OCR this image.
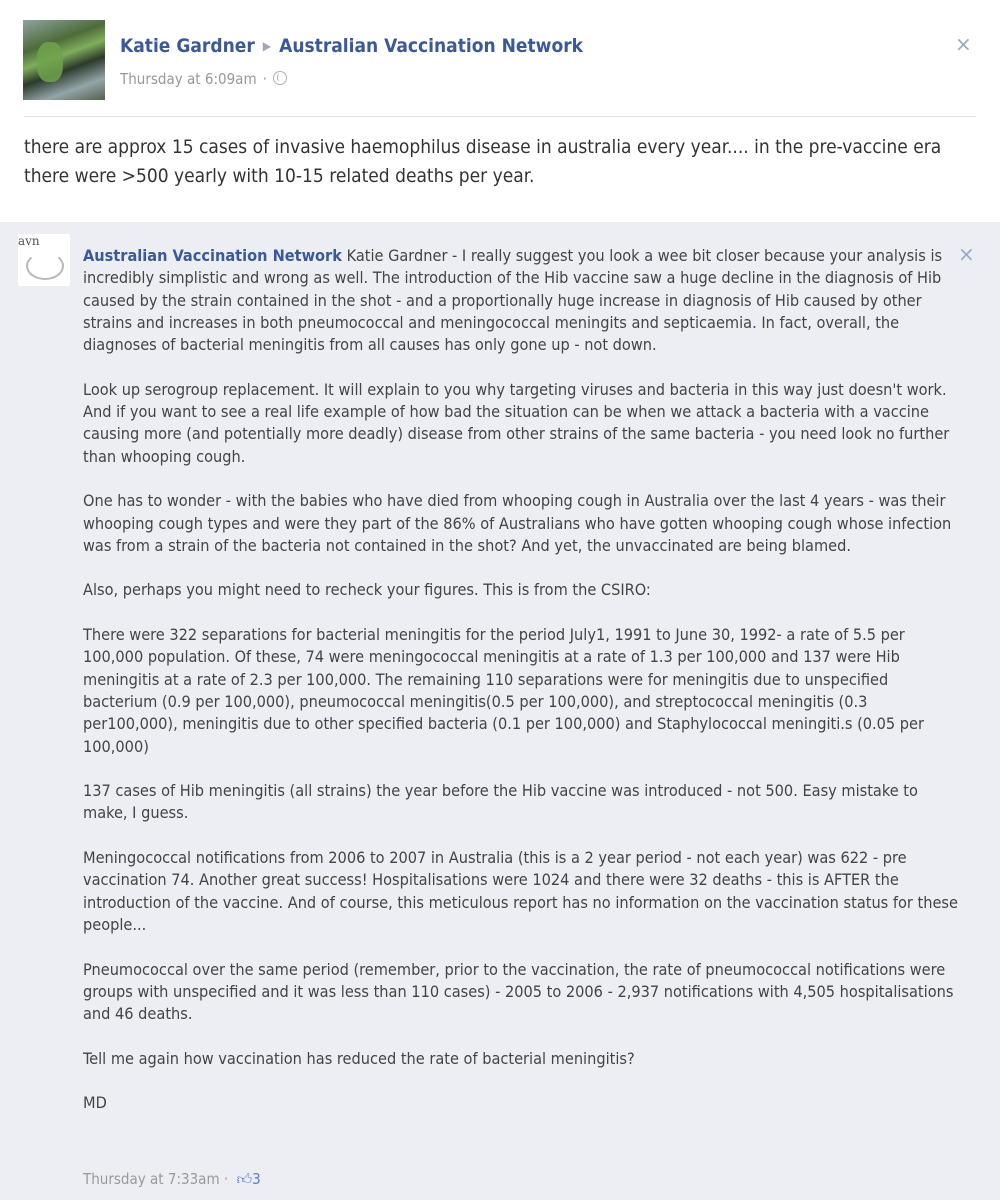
Katie Gardner ▶ Australian Vaccination Network
Thursday at 6:09am ·
×
there are approx 15 cases of invasive haemophilus disease in australia every year.... in the pre-vaccine era there were >500 yearly with 10-15 related deaths per year.
avn
×

Australian Vaccination Network Katie Gardner - I really suggest you look a wee bit closer because your analysis is incredibly simplistic and wrong as well. The introduction of the Hib vaccine saw a huge decline in the diagnosis of Hib caused by the strain contained in the shot - and a proportionally huge increase in diagnosis of Hib caused by other strains and increases in both pneumococcal and meningococcal meningits and septicaemia. In fact, overall, the diagnoses of bacterial meningitis from all causes has only gone up - not down.

Look up serogroup replacement. It will explain to you why targeting viruses and bacteria in this way just doesn't work. And if you want to see a real life example of how bad the situation can be when we attack a bacteria with a vaccine causing more (and potentially more deadly) disease from other strains of the same bacteria - you need look no further than whooping cough.

One has to wonder - with the babies who have died from whooping cough in Australia over the last 4 years - was their whooping cough types and were they part of the 86% of Australians who have gotten whooping cough whose infection was from a strain of the bacteria not contained in the shot? And yet, the unvaccinated are being blamed.

Also, perhaps you might need to recheck your figures. This is from the CSIRO:

There were 322 separations for bacterial meningitis for the period July1, 1991 to June 30, 1992- a rate of 5.5 per 100,000 population. Of these, 74 were meningococcal meningitis at a rate of 1.3 per 100,000 and 137 were Hib meningitis at a rate of 2.3 per 100,000. The remaining 110 separations were for meningitis due to unspecified bacterium (0.9 per 100,000), pneumococcal meningitis(0.5 per 100,000), and streptococcal meningitis (0.3 per100,000), meningitis due to other specified bacteria (0.1 per 100,000) and Staphylococcal meningiti.s (0.05 per 100,000)

137 cases of Hib meningitis (all strains) the year before the Hib vaccine was introduced - not 500. Easy mistake to make, I guess.

Meningococcal notifications from 2006 to 2007 in Australia (this is a 2 year period - not each year) was 622 - pre vaccination 74. Another great success! Hospitalisations were 1024 and there were 32 deaths - this is AFTER the introduction of the vaccine. And of course, this meticulous report has no information on the vaccination status for these people...

Pneumococcal over the same period (remember, prior to the vaccination, the rate of pneumococcal notifications were groups with unspecified and it was less than 110 cases) - 2005 to 2006 - 2,937 notifications with 4,505 hospitalisations and 46 deaths.

Tell me again how vaccination has reduced the rate of bacterial meningitis?

MD

Thursday at 7:33am · 👍︎3
